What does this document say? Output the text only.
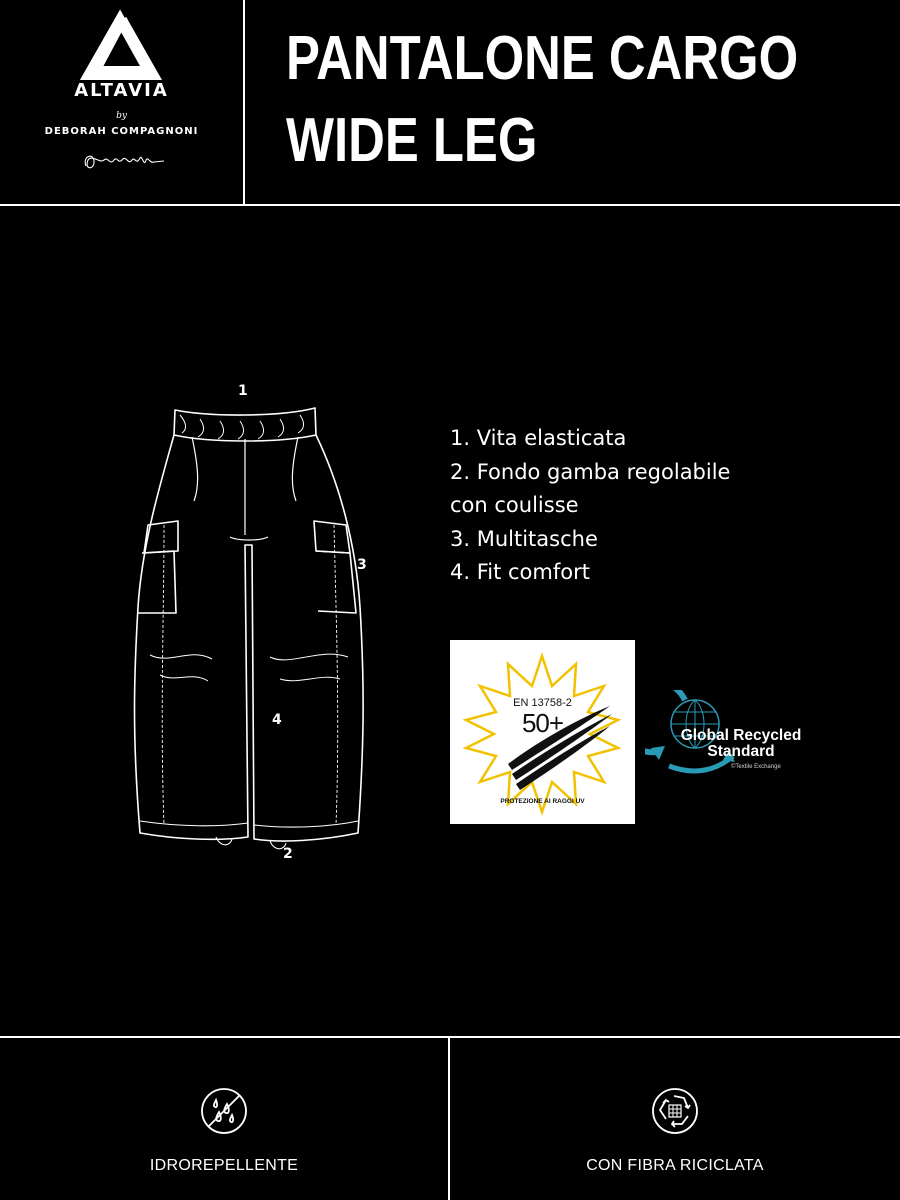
ALTAVIA
by
DEBORAH COMPAGNONI
PANTALONE CARGO
WIDE LEG
1
2
3
4
1. Vita elasticata
2. Fondo gamba regolabile
con coulisse
3. Multitasche
4. Fit comfort
EN 13758-2
50+
PROTEZIONE AI RAGGI UV
Global Recycled
Standard
©Textile Exchange
IDROREPELLENTE	CON FIBRA RICICLATA
